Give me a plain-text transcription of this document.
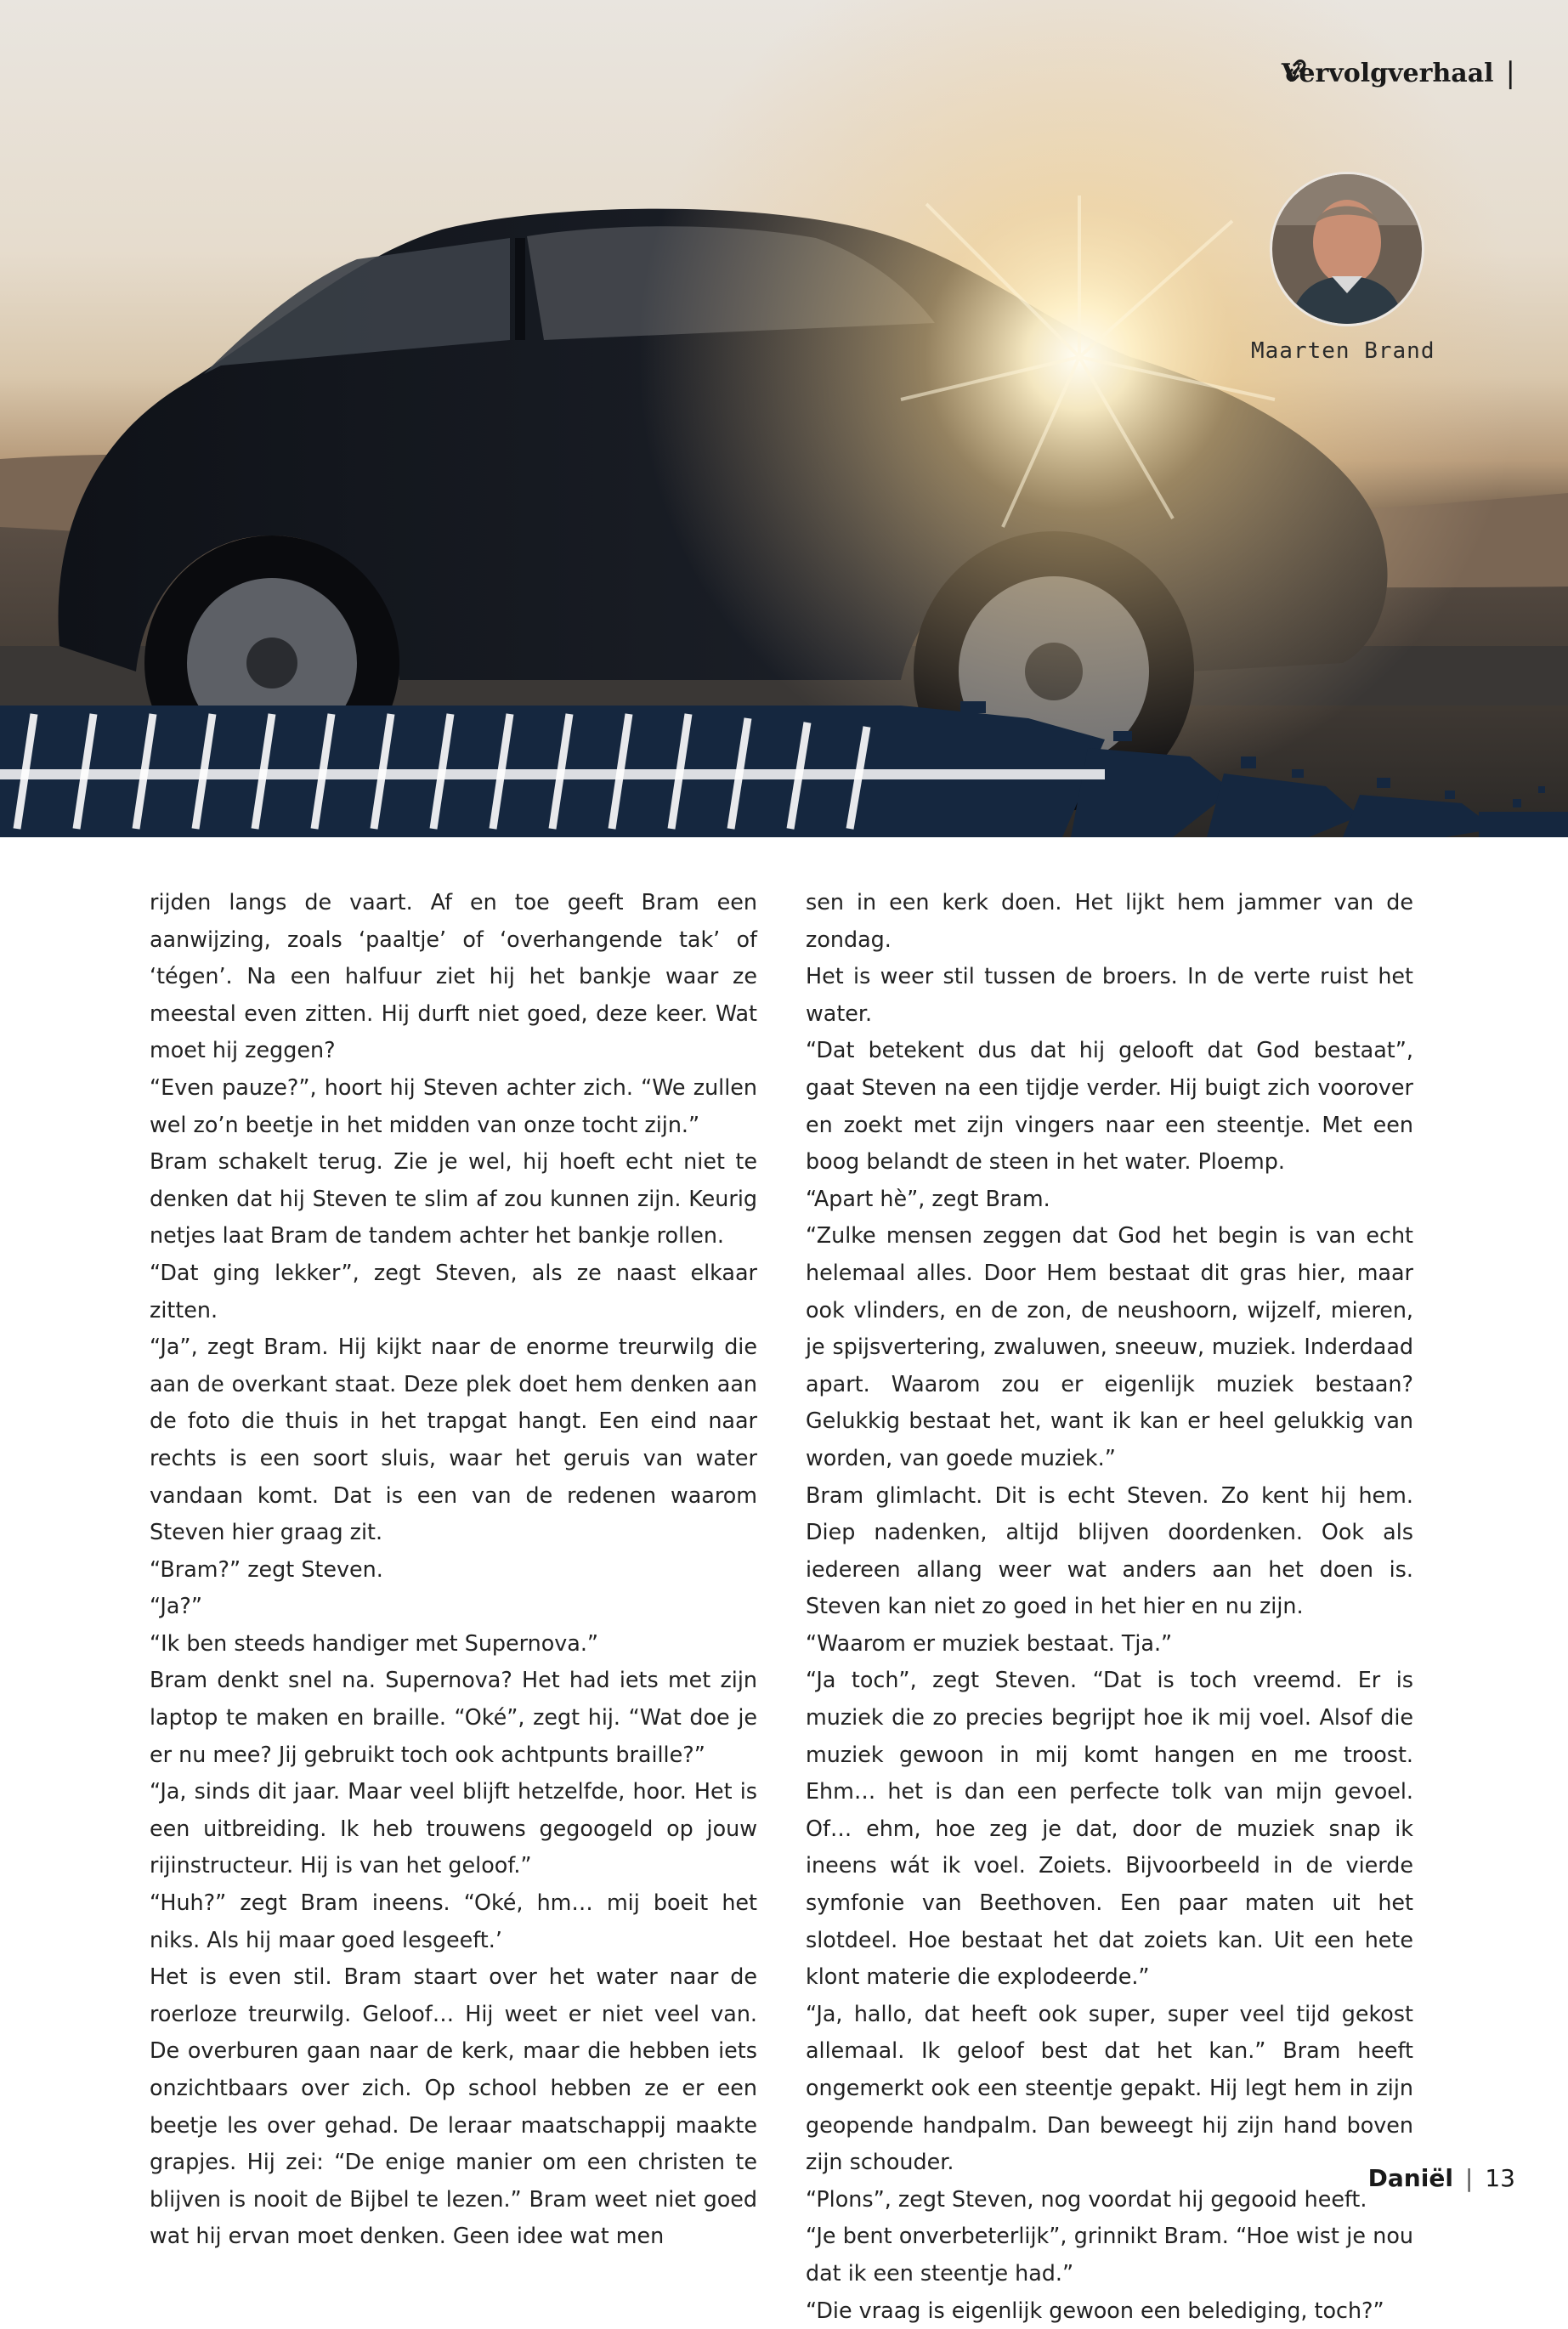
Vervolgverhaal |
Maarten Brand

rijden langs de vaart. Af en toe geeft Bram een aanwijzing, zoals ‘paaltje’ of ‘overhangende tak’ of ‘tégen’. Na een halfuur ziet hij het bankje waar ze meestal even zitten. Hij durft niet goed, deze keer. Wat moet hij zeggen?

“Even pauze?”, hoort hij Steven achter zich. “We zullen wel zo’n beetje in het midden van onze tocht zijn.”

Bram schakelt terug. Zie je wel, hij hoeft echt niet te denken dat hij Steven te slim af zou kunnen zijn. Keurig netjes laat Bram de tandem achter het bankje rollen.

“Dat ging lekker”, zegt Steven, als ze naast elkaar zitten.

“Ja”, zegt Bram. Hij kijkt naar de enorme treurwilg die aan de overkant staat. Deze plek doet hem denken aan de foto die thuis in het trapgat hangt. Een eind naar rechts is een soort sluis, waar het geruis van water vandaan komt. Dat is een van de redenen waarom Steven hier graag zit.

“Bram?” zegt Steven.

“Ja?”

“Ik ben steeds handiger met Supernova.”

Bram denkt snel na. Supernova? Het had iets met zijn laptop te maken en braille. “Oké”, zegt hij. “Wat doe je er nu mee? Jij gebruikt toch ook achtpunts braille?”

“Ja, sinds dit jaar. Maar veel blijft hetzelfde, hoor. Het is een uitbreiding. Ik heb trouwens gegoogeld op jouw rijinstructeur. Hij is van het geloof.”

“Huh?” zegt Bram ineens. “Oké, hm… mij boeit het niks. Als hij maar goed lesgeeft.’

Het is even stil. Bram staart over het water naar de roerloze treurwilg. Geloof… Hij weet er niet veel van. De overburen gaan naar de kerk, maar die hebben iets onzichtbaars over zich. Op school hebben ze er een beetje les over gehad. De leraar maatschappij maakte grapjes. Hij zei: “De enige manier om een christen te blijven is nooit de Bijbel te lezen.” Bram weet niet goed wat hij ervan moet denken. Geen idee wat men

sen in een kerk doen. Het lijkt hem jammer van de zondag.

Het is weer stil tussen de broers. In de verte ruist het water.

“Dat betekent dus dat hij gelooft dat God bestaat”, gaat Steven na een tijdje verder. Hij buigt zich voorover en zoekt met zijn vingers naar een steentje. Met een boog belandt de steen in het water. Ploemp.

“Apart hè”, zegt Bram.

“Zulke mensen zeggen dat God het begin is van echt helemaal alles. Door Hem bestaat dit gras hier, maar ook vlinders, en de zon, de neushoorn, wijzelf, mieren, je spijsvertering, zwaluwen, sneeuw, muziek. Inderdaad apart. Waarom zou er eigenlijk muziek bestaan? Gelukkig bestaat het, want ik kan er heel gelukkig van worden, van goede muziek.”

Bram glimlacht. Dit is echt Steven. Zo kent hij hem. Diep nadenken, altijd blijven doordenken. Ook als iedereen allang weer wat anders aan het doen is. Steven kan niet zo goed in het hier en nu zijn.

“Waarom er muziek bestaat. Tja.”

“Ja toch”, zegt Steven. “Dat is toch vreemd. Er is muziek die zo precies begrijpt hoe ik mij voel. Alsof die muziek gewoon in mij komt hangen en me troost. Ehm… het is dan een perfecte tolk van mijn gevoel. Of… ehm, hoe zeg je dat, door de muziek snap ik ineens wát ik voel. Zoiets. Bijvoorbeeld in de vierde symfonie van Beethoven. Een paar maten uit het slotdeel. Hoe bestaat het dat zoiets kan. Uit een hete klont materie die explodeerde.”

“Ja, hallo, dat heeft ook super, super veel tijd gekost allemaal. Ik geloof best dat het kan.” Bram heeft ongemerkt ook een steentje gepakt. Hij legt hem in zijn geopende handpalm. Dan beweegt hij zijn hand boven zijn schouder.

“Plons”, zegt Steven, nog voordat hij gegooid heeft.

“Je bent onverbeterlijk”, grinnikt Bram. “Hoe wist je nou dat ik een steentje had.”

“Die vraag is eigenlijk gewoon een belediging, toch?”

Daniël | 13
